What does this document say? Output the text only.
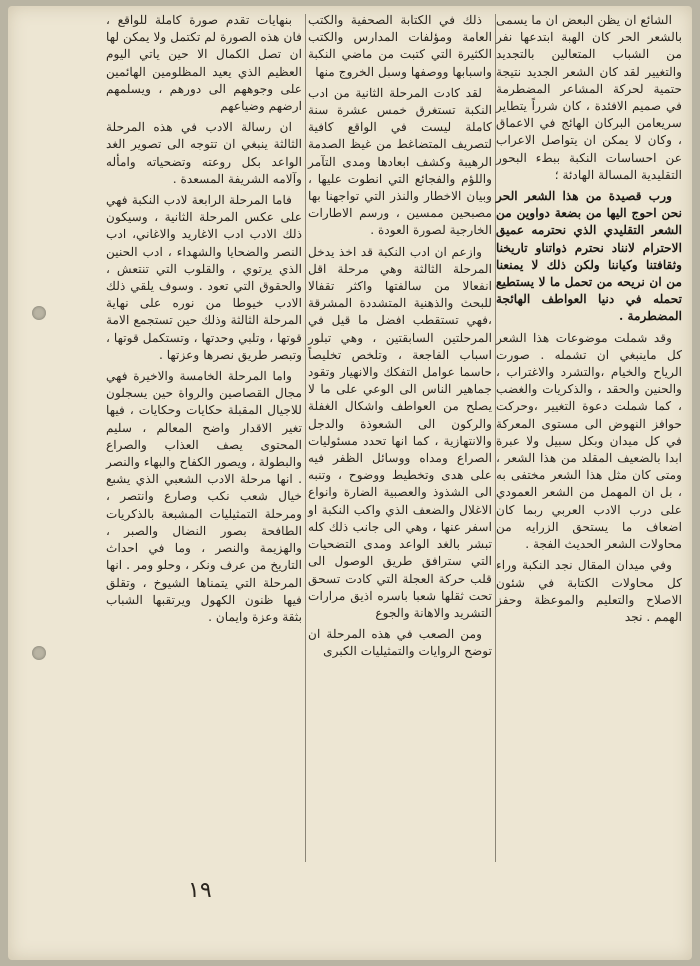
الشائع ان يظن البعض ان ما يسمى بالشعر الحر كان الهبة ابتدعها نفر من الشباب المتعالين بالتجديد والتغيير لقد كان الشعر الجديد نتيجة حتمية لحركة المشاعر المضطرمة في صميم الافئدة ، كان شرراً يتطاير سريعامن البركان الهائج في الاعماق ، وكان لا يمكن ان يتواصل الاعراب عن احساسات النكبة ببطء البحور التقليدية المسالة الهادئة ؛

ورب قصيدة من هذا الشعر الحر نحن احوج اليها من بضعة دواوين من الشعر التقليدي الذي نحترمه عميق الاحترام لانناد نحترم ذواتناو تاريخنا وثقافتنا وكياننا ولكن ذلك لا يمنعنا من ان نريحه من تحمل ما لا يستطيع تحمله في دنيا العواطف الهائجة المضطرمة .

وقد شملت موضوعات هذا الشعر كل ماينبغي ان تشمله . صورت الرياح والخيام ،والتشرد والاغتراب ، والحنين والحقد ، والذكريات والغضب ، كما شملت دعوة التغيير ،وحركت حوافز النهوض الى مستوى المعركة في كل ميدان وبكل سبيل ولا عبرة ابدا بالضعيف المقلد من هذا الشعر ، ومتى كان مثل هذا الشعر مختفى به ، بل ان المهمل من الشعر العمودي على درب الادب العربي ربما كان اضعاف ما يستحق الزرايه من محاولات الشعر الحديث الفجة .

وفي ميدان المقال نجد النكبة وراء كل محاولات الكتابة في شئون الاصلاح والتعليم والموعظة وحفز الهمم . نجد

ذلك في الكتابة الصحفية والكتب العامة ومؤلفات المدارس والكتب الكثيرة التي كتبت من ماضي النكبة واسبابها ووصفها وسبل الخروج منها

لقد كادت المرحلة الثانية من ادب النكبة تستغرق خمس عشرة سنة كاملة ليست في الواقع كافية لتصريف المتضاغط من غيظ الصدمة الرهيبة وكشف ابعادها ومدى التآمر واللؤم والفجائع التي انطوت عليها ، وبيان الاخطار والنذر التي تواجهنا بها مصبحين ممسين ، ورسم الاطارات الخارجية لصورة العودة .

وازعم ان ادب النكبة قد اخذ يدخل المرحلة الثالثة وهي مرحلة اقل انفعالا من سالفتها واكثر تقفالا للبحث والذهنية المتشددة المشرقة ،فهي تستقطب افضل ما قيل في المرحلتين السابقتين ، وهي تبلور اسباب الفاجعة ، وتلخص تخليصاً حاسما عوامل التفكك والانهيار وتقود جماهير الناس الى الوعي على ما لا يصلح من العواطف واشكال الغفلة والركون الى الشعوذة والدجل والانتهازية ، كما انها تحدد مسئوليات الصراع ومداه ووسائل الظفر فيه على هدى وتخطيط ووضوح ، وتنبه الى الشذوذ والعصبية الضارة وانواع الاغلال والضعف الذي واكب النكبة او اسفر عنها ، وهي الى جانب ذلك كله تبشر بالغد الواعد ومدى التضحيات التي سترافق طريق الوصول الى قلب حركة العجلة التي كادت تسحق تحت ثقلها شعبا باسره اذيق مرارات التشريد والاهانة والجوع

ومن الصعب في هذه المرحلة ان توضح الروايات والتمثيليات الكبرى

بنهايات تقدم صورة كاملة للواقع ، فان هذه الصورة لم تكتمل ولا يمكن لها ان تصل الكمال الا حين ياتي اليوم العظيم الذي يعيد المظلومين الهائمين على وجوههم الى دورهم ، ويسلمهم ارضهم وضياعهم

ان رسالة الادب في هذه المرحلة الثالثة ينبغي ان تتوجه الى تصوير الغد الواعد بكل روعته وتضحياته وامأله وآلامه الشريفة المسعدة .

فاما المرحلة الرابعة لادب النكبة فهي على عكس المرحلة الثانية ، وسيكون ذلك الادب ادب الاغاريد والاغاني، ادب النصر والضحايا والشهداء ، ادب الحنين الذي يرتوي ، والقلوب التي تنتعش ، والحقوق التي تعود . وسوف يلقي ذلك الادب خيوطا من نوره على نهاية المرحلة الثالثة وذلك حين تستجمع الامة قوتها ، وتلبي وحدتها ، وتستكمل قوتها ، وتبصر طريق نصرها وعزتها .

واما المرحلة الخامسة والاخيرة فهي مجال القصاصين والرواة حين يسجلون للاجيال المقبلة حكايات وحكايات ، فيها تغير الاقدار واضح المعالم ، سليم المحتوى يصف العذاب والصراع والبطولة ، ويصور الكفاح والبهاء والنصر . انها مرحلة الادب الشعبي الذي يشبع خيال شعب نكب وصارع وانتصر ، ومرحلة التمثيليات المشبعة بالذكريات الطافحة بصور النضال والصبر ، والهزيمة والنصر ، وما في احداث التاريخ من عرف ونكر ، وحلو ومر . انها المرحلة التي يتمناها الشيوخ ، وتقلق فيها ظنون الكهول ويرتقبها الشباب بثقة وعزة وايمان .

١٩
